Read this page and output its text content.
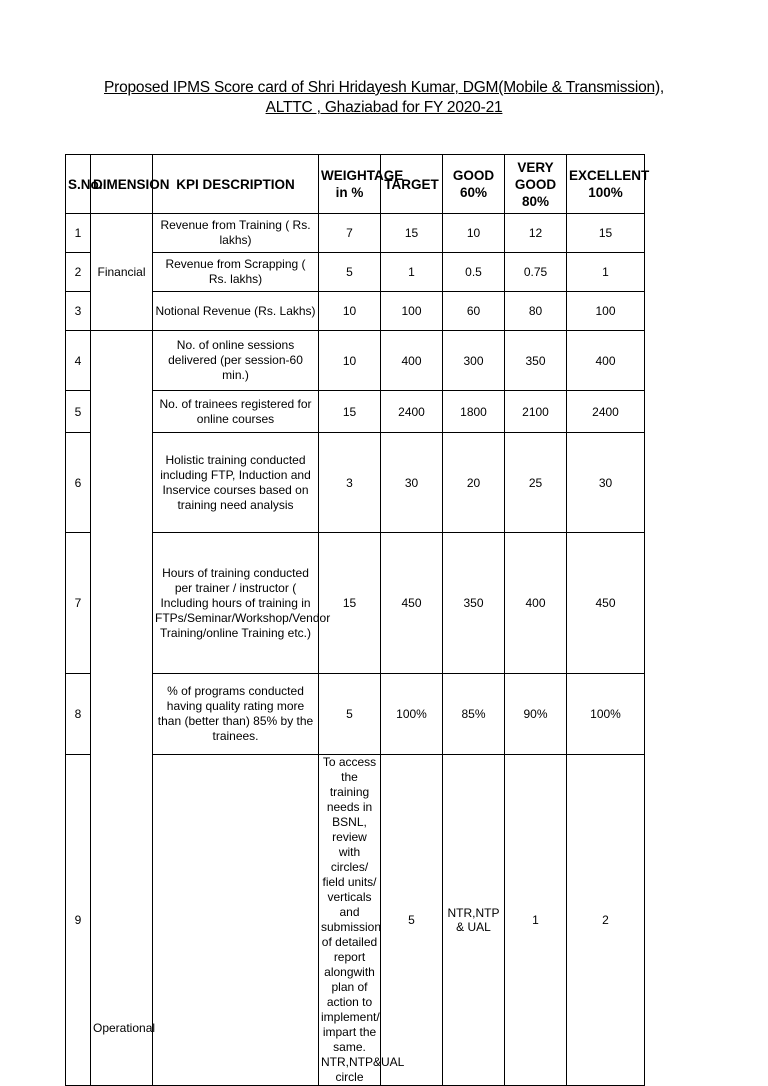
Proposed IPMS Score card of Shri Hridayesh Kumar, DGM(Mobile & Transmission),
ALTTC , Ghaziabad for FY 2020-21
S.No.	DIMENSION	KPI DESCRIPTION	WEIGHTAGE in %	TARGET	GOOD 60%	VERY GOOD 80%	EXCELLENT 100%	
1	Financial	Revenue from Training ( Rs. lakhs)	7	15	10	12	15	
2		Revenue from Scrapping ( Rs. lakhs)	5	1	0.5	0.75	1	
3		Notional Revenue (Rs. Lakhs)	10	100	60	80	100	
4	Operational	No. of online sessions delivered (per session-60 min.)	10	400	300	350	400	
5		No. of trainees registered for online courses	15	2400	1800	2100	2400	
6		Holistic training conducted including FTP, Induction and Inservice courses based on training need analysis	3	30	20	25	30	
7		Hours of training conducted per trainer / instructor ( Including hours of training in FTPs/Seminar/Workshop/Vendor Training/online Training etc.)	15	450	350	400	450	
8		% of programs conducted having quality rating more than (better than) 85% by the trainees.	5	100%	85%	90%	100%	
9			To access the training needs in BSNL, review with circles/ field units/ verticals and submission of detailed report alongwith plan of action to implement/ impart the same. NTR,NTP&UAL circle	5	NTR,NTP & UAL	1	2	
